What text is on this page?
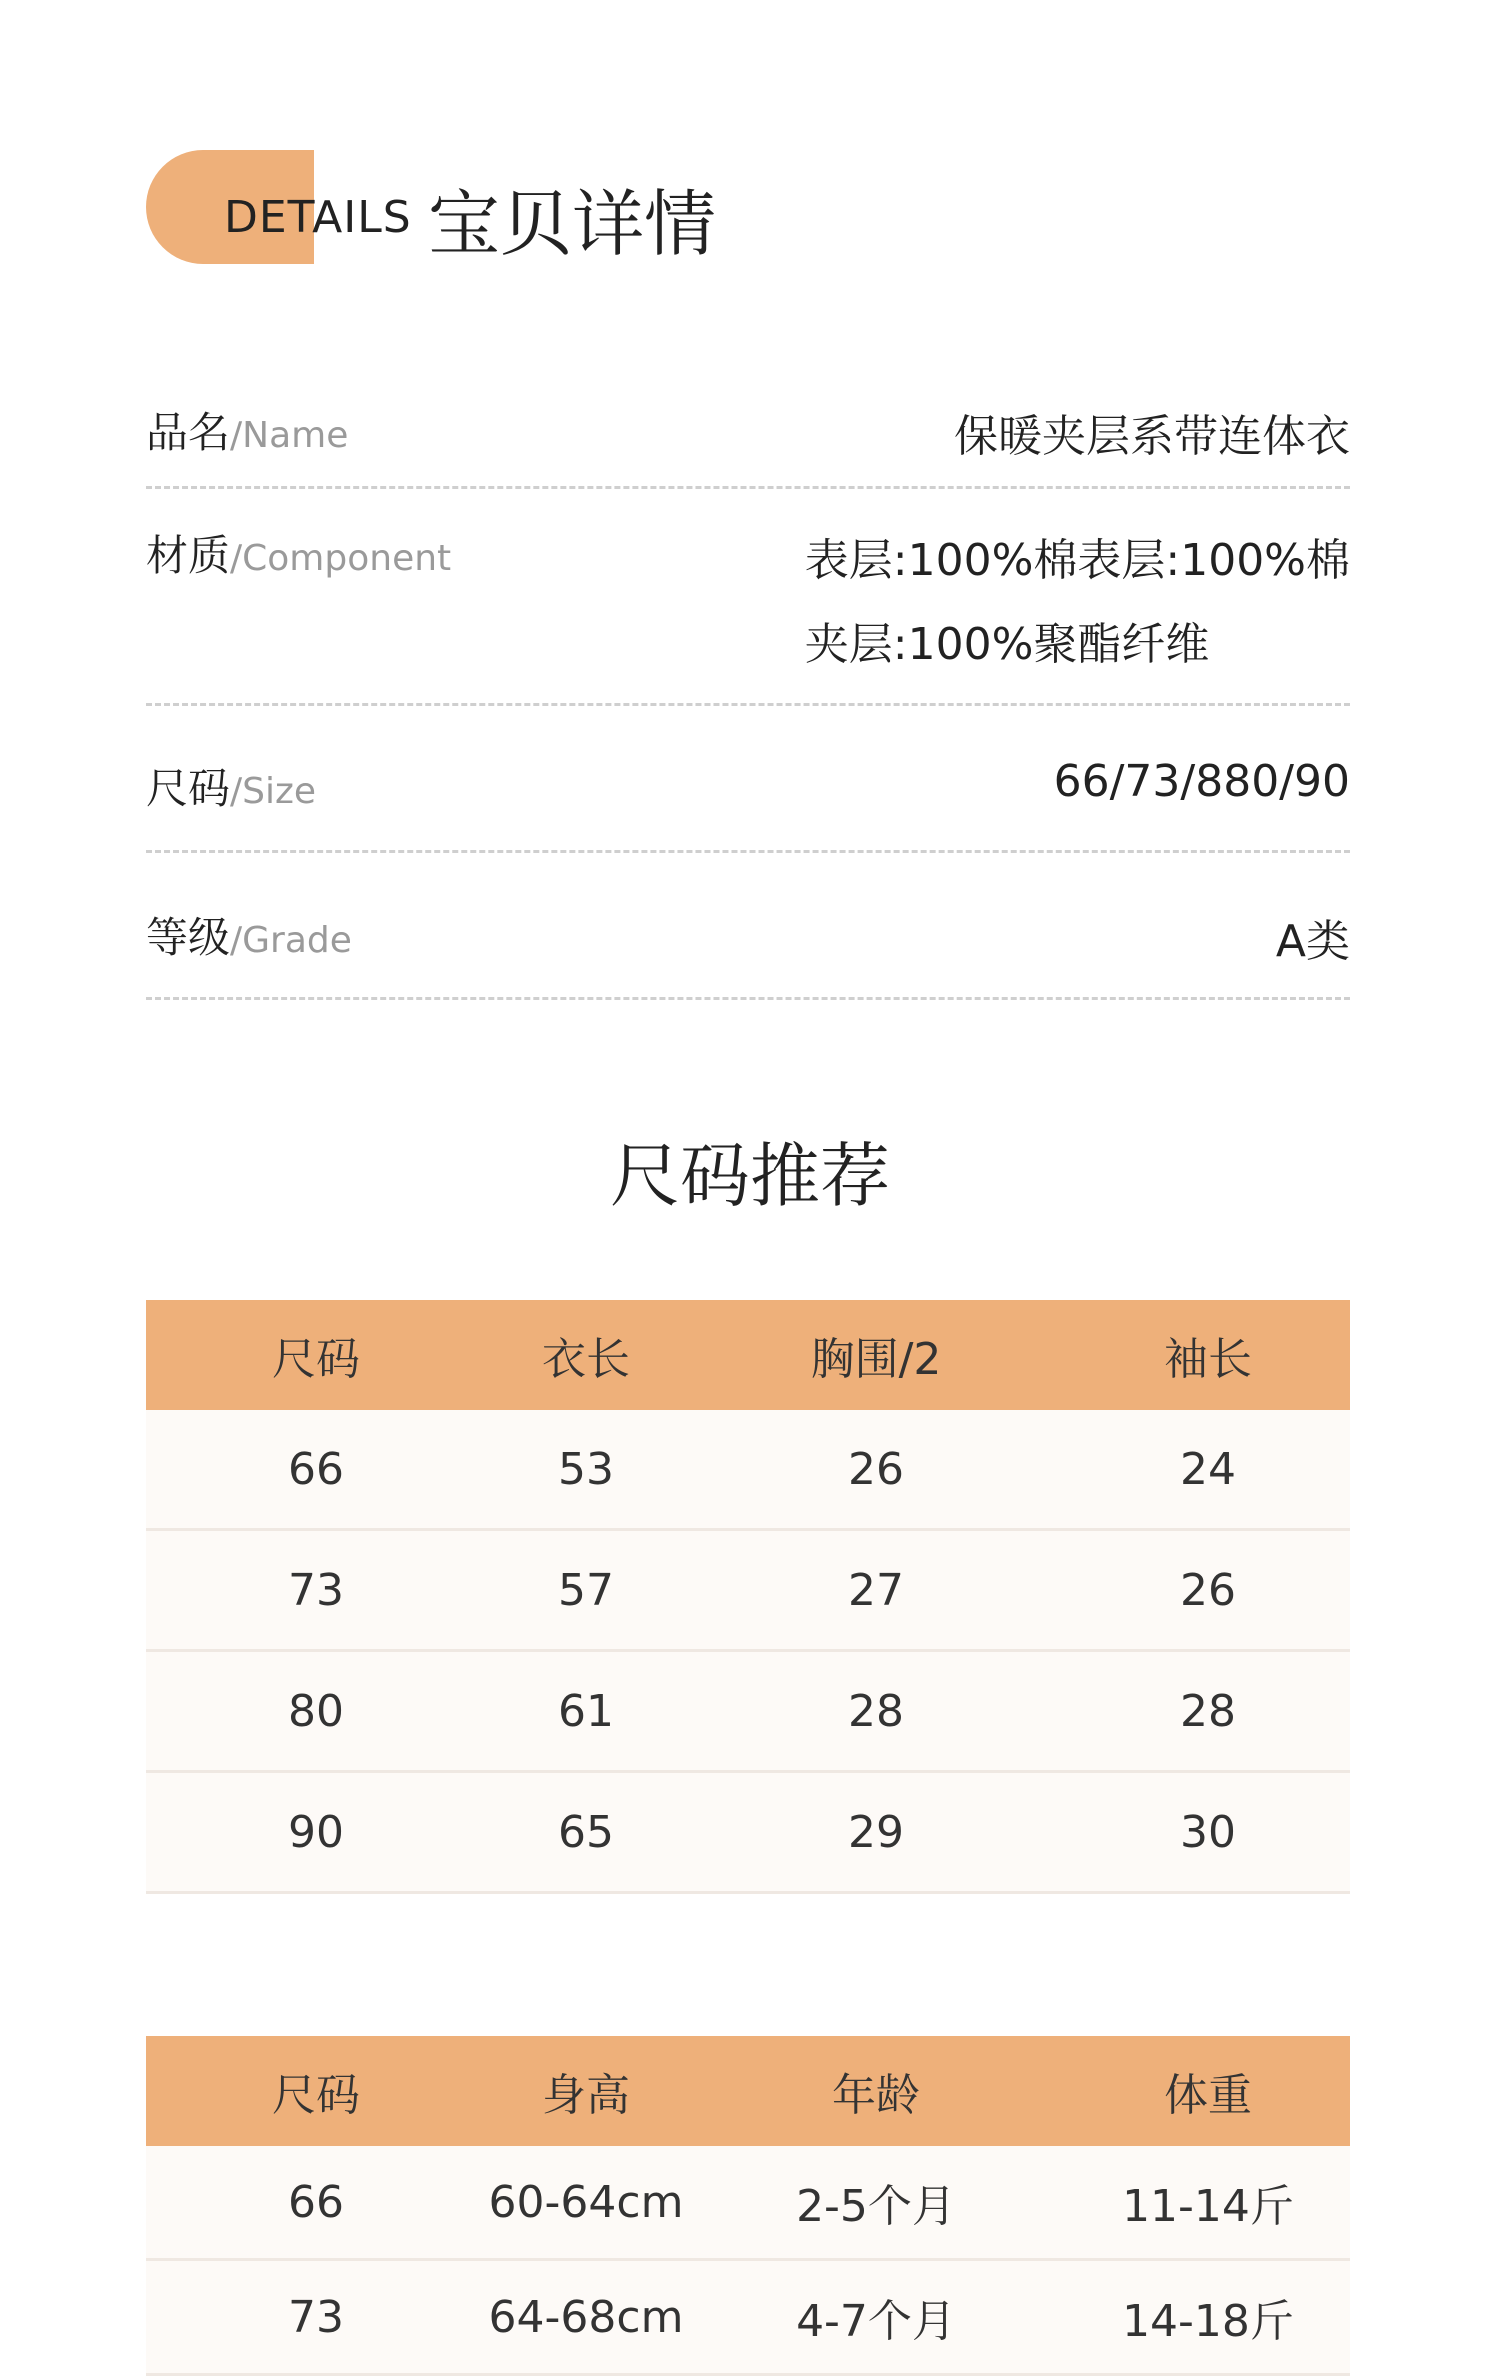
DETAILS 宝贝详情
品名/Name	保暖夹层系带连体衣
材质/Component	表层:100%棉表层:100%棉
夹层:100%聚酯纤维
尺码/Size	66/73/880/90
等级/Grade	A类
尺码推荐
尺码	衣长	胸围/2	袖长
66	53	26	24
73	57	27	26
80	61	28	28
90	65	29	30
尺码	身高	年龄	体重
66	60-64cm	2-5个月	11-14斤
73	64-68cm	4-7个月	14-18斤
